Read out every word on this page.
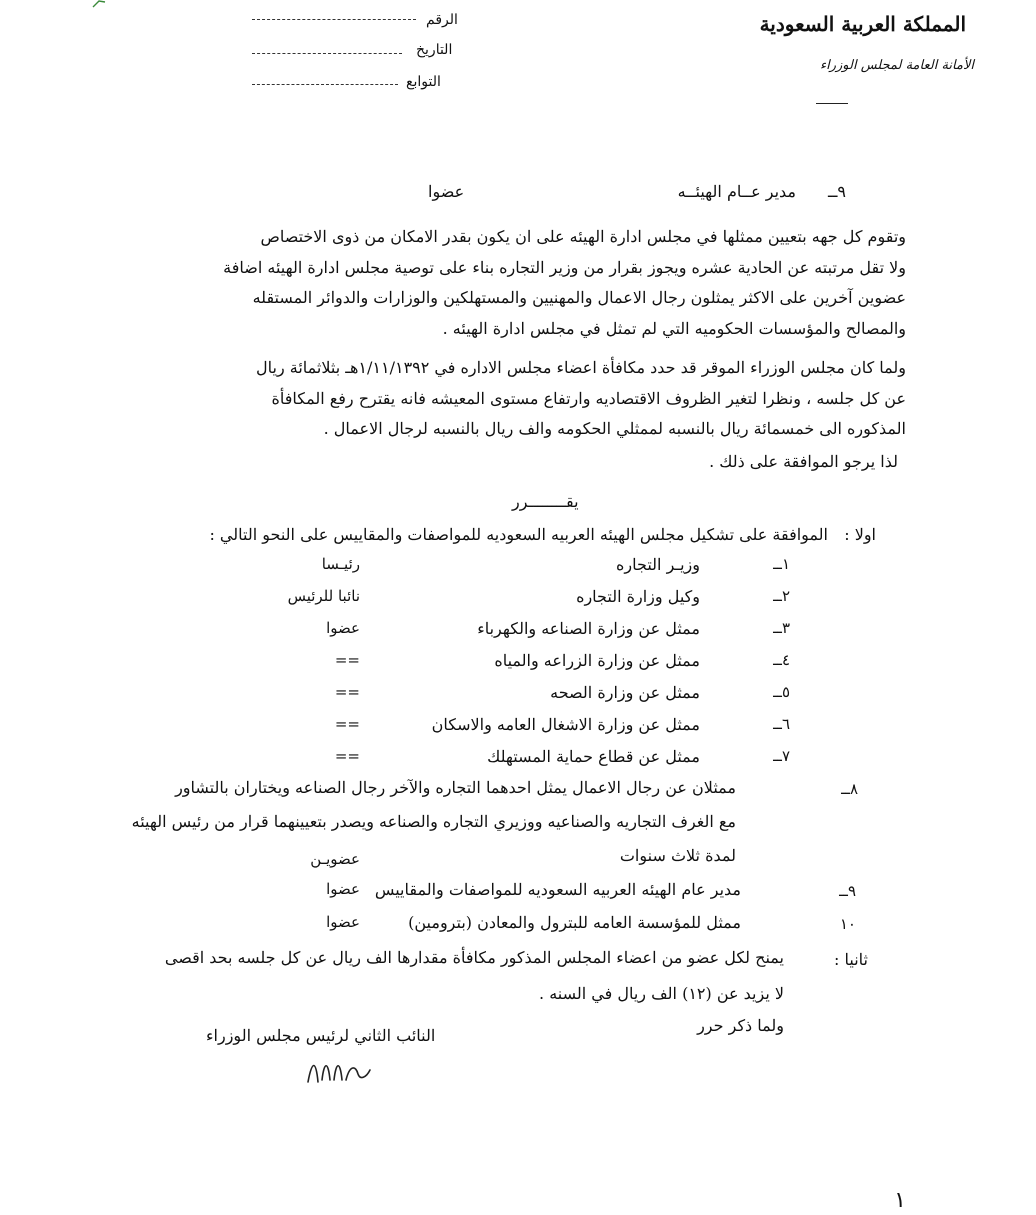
المملكة العربية السعودية
الأمانة العامة لمجلس الوزراء
الرقم
التاريخ
التوابع
٩ــ
مدير عــام الهيئــه
عضوا
وتقوم كل جهه بتعيين ممثلها في مجلس ادارة الهيئه على ان يكون بقدر الامكان من ذوى الاختصاص
ولا تقل مرتبته عن الحادية عشره ويجوز بقرار من وزير التجاره بناء على توصية مجلس ادارة الهيئه اضافة
عضوين آخرين على الاكثر يمثلون رجال الاعمال والمهنيين والمستهلكين والوزارات والدوائر المستقله
والمصالح والمؤسسات الحكوميه التي لم تمثل في مجلس ادارة الهيئه .
ولما كان مجلس الوزراء الموقر قد حدد مكافأة اعضاء مجلس الاداره في ١/١١/١٣٩٢هـ بثلاثمائة ريال
عن كل جلسه ، ونظرا لتغير الظروف الاقتصاديه وارتفاع مستوى المعيشه فانه يقترح رفع المكافأة
المذكوره الى خمسمائة ريال بالنسبه لممثلي الحكومه والف ريال بالنسبه لرجال الاعمال .
لذا يرجو الموافقة على ذلك .
يقــــــــرر
اولا :
الموافقة على تشكيل مجلس الهيئه العربيه السعوديه للمواصفات والمقاييس على النحو التالي :
١ــ
وزيـر التجاره
رئيـسا
٢ــ
وكيل وزارة التجاره
نائبا للرئيس
٣ــ
ممثل عن وزارة الصناعه والكهرباء
عضوا
٤ــ
ممثل عن وزارة الزراعه والمياه
==
٥ــ
ممثل عن وزارة الصحه
==
٦ــ
ممثل عن وزارة الاشغال العامه والاسكان
==
٧ــ
ممثل عن قطاع حماية المستهلك
==
٨ــ
ممثلان عن رجال الاعمال يمثل احدهما التجاره والآخر رجال الصناعه ويختاران بالتشاور
مع الغرف التجاريه والصناعيه ووزيري التجاره والصناعه ويصدر بتعيينهما قرار من رئيس الهيئه
لمدة ثلاث سنوات
عضويـن
٩ــ
مدير عام الهيئه العربيه السعوديه للمواصفات والمقاييس
عضوا
١٠
ممثل للمؤسسة العامه للبترول والمعادن (بترومين)
عضوا
ثانيا :
يمنح لكل عضو من اعضاء المجلس المذكور مكافأة مقدارها الف ريال عن كل جلسه بحد اقصى
لا يزيد عن (١٢) الف ريال في السنه .
ولما ذكر حرر
النائب الثاني لرئيس مجلس الوزراء
١
